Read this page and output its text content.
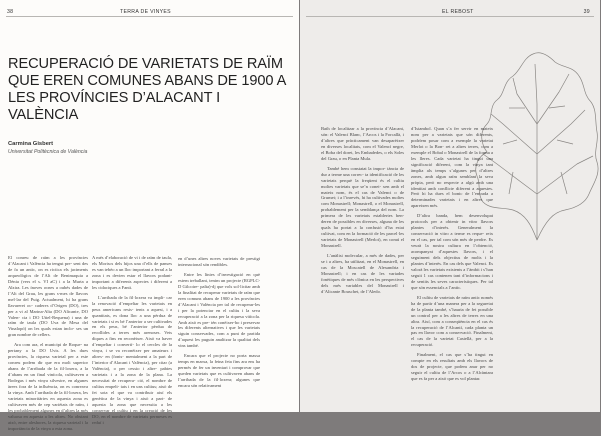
38	TERRA DE VINYES
RECUPERACIÓ DE VARIETATS DE RAÏM QUE EREN COMUNES ABANS DE 1900 A LES PROVÍNCIES D’ALACANT I VALÈNCIA
Carmina Gisbert
Universitat Politècnica de València

El conreu de raïm a les províncies d’Alacant i València ha tengut pre- sent des de fa un antic, on es rictica els jaciments arqueològics de l’Alt de Benimaquia a Dénia (vers el s. VI aC) i a la Murta a Alzira. Les ínoves ocnes a oubés dades de l’Alt del Grau, les grans s-mes de llavors mel·lar del Puig. Actualment, hi ha grans llavarerei oc- caderes d’Origen (DO), tres per a vi al Marina-Alta (DO Alicante, DO Valen- cia i DO Utiel-Requena) i una de raïm de taula (DO Uva de Mesa del Vinalopó) on les quals estan inclo- ses un gran nombre de cellers.

Ara com ara, el municipi de Roque- na pertany a la DO Uvis. A les dues províncies, la riquesa varietal per a este conreu podem dir que era molt superior abans de l’arribada de la fil·loxera, a la d’abans en un final vinícola, cultivaven a Bodegas i més vinya silvestre, en algunes àrees fora de la influència, on es conreava la vinya. Amb l’arribada de la fil·loxera, les varietats minoritàries en aquesta zona es cultivaven més de cep variètats de raïm, i les probablement algunes en d’altres la més valuosa en aquesta a les altres. No obstant això, entre aleshores, la riquesa varietal i la importància de la vinya a esta zona.

A més d’elaboració de vi i de raïm de taula, els Moriscs dels hijos una d’ells de panses es van tebèo a un lloc important a ferral a la zona i es devien estar el llavors podant- important a diferents aspectes i diferent a les cidaciques a Fanti.

L’arribada de la fil·loxera va impli- car la renovació d’empeltar les varietats en peus americans resis- tents a aquest, i a quantitats, es dona lloc a una pèrdua de varietats i si es bé l’anterior a ser cultivades en els peus, bé l’anterior pèrdua de recollides a terres més arenoses. Vets diques a fins en reconèixer. Això va haver d’empeltar i convertí- lo el cercles de la vinya, i se va reconèixer per amateurs i altres- en (fonts- mentalment a la part de l’interior d’Alacant i València), per citar (a València), o per cessio i altre- pabtes varietats i a la zona de la plana. La necessitat de recupera- ció, el nombre de cultius empelt- tats i en uns cultius; això de fet sota el que va contribuir així els genètica de la vinya i això a part- de aquesta la zona que necessita a les conservar el cultiu i en la creació de les DO, en el nombre de varietats permeses es reduí i

en d’unes altres noves varietats de prestigi internacional són rendibles.

Entre les línies d’investigació en què estem treballant, tenim un projecte (RGPLC-D Gilcoire- palta)-dj que vols sol·licitar amb la finalitat de recuperar varietats de raïm que eren comuns abans de 1900 a les províncies d’Alacant i València per tal de recuperar-les i per la potenciar en el cultiu i la seva recuperació a la zona per la riquesa vitícola. Amb això es pre- tén conèixer-ho i preservar les diferents alternatives i que les varietats siguin conservades, com a punt de partida d’aquest les puguin analitzar la qualitat dels vins també.

Encara que el projecte no porta massa temps en marxa, la feina feta fins ara ens ha permès de fer un inventari i comprovar que queden varietats que es cultivaven abans de l’arribada de la fil·loxera; algunes que encara són relativament

EL REBOST	39

Bath de localitzar a la província d’Alacant, són: el Valencí Blanc, l’Arcos i la Forcallà, i d’altres que pràcticament van desaparèixer en diverses localitats, com el Valencí negre, el Boba del doret, les Embadedes, o els Soles del Grau, o en Planta Mula.

També hem constatat la impor- tància de dur a terme una correc- ta identificació de les varietats perquè la freqüent és el cultiu moltes varietats que se’n conei- xen amb el mateix nom, és el cas de Valenci o de Grumet; i a l’inrevés, hi ha cultivades moltes com Monastrell; Monastrell, o el Monastrell, probablement per la semblança del nom. La primera de les varietats establertes ben- deren de possibles en diverses, alguna de les quals ha portat a la confusió d’ha estat cultivat, com en la formació de les parcel·les varietats de Monastrell (Merlot), en comú el Monastrell.

L’anàlisi molecular, a més de dades, per se i a altres, ha utilitzat, en el Monastrell, en cas de la Moscatell de Alexandria i Monastrell; i en cas de les variades fonètiques de més clònica en les perspectives dels més variables del Monastrell i d’Alicante Bouschet, de l’Aledo.

d’Istambol. Quan s’a fer servir en mateix nom per a varietats que són diferents, podríem posar com a exemple la varietat Merlot o la Bon- ret a altres terres, com a exemple el Bobal o Monastrell de la forma a les lleres. Cada varietat ha tingut una significació diferent, com la vinya tant àmplia als temps s’algunes per d’altres zones, amb algun raïm semblant la seva pròpia, però no respecte a algú amb una identitat amb conflicte diferent a aquestes. Però hi ha dues el bonic de l’entrada a determinades varietats i en altres que apareixen més.

D’altra banda, hem desenvolupat protocols per a obtenir in vitro llavors plantes d’interès. Generalment la conservació in vitro a terme es reque- reix en el cas, per tal com són més de perdre. Es veurà la nostra cultura en l’obtenció, acompanyat d’aquestes llavors, i el seguiment dels objectius de molts i la plantes d’interès. En cas dels que Valenci. Es valorà les varietats existents a l’àmbit i s’han seguit 1 cas contenen tant d’informacions i de sentits les seves característiques. Per tal que són essencials a l’antic.

El cultiu de varietats de raïm antic només ha de partir d’una manera per a la seguretat de la planta també, s’hauria de fet possible un control per a les altres de terres en una altra. Així, com a conseqüència en el cas és la recuperació de l’Alcantí, cada planta un pas en llavor com a conservació. Finalment, el cas de la varietat Castellà, per a la recuperació.

Finalment, el cas que s’ha tingut en compte en els resultats amb els llavors de dos de projecte, que podem anar per no seguir el cultiu de l’Arcos o a l’Alcàntara que es fa per a això que es vol plantar.
